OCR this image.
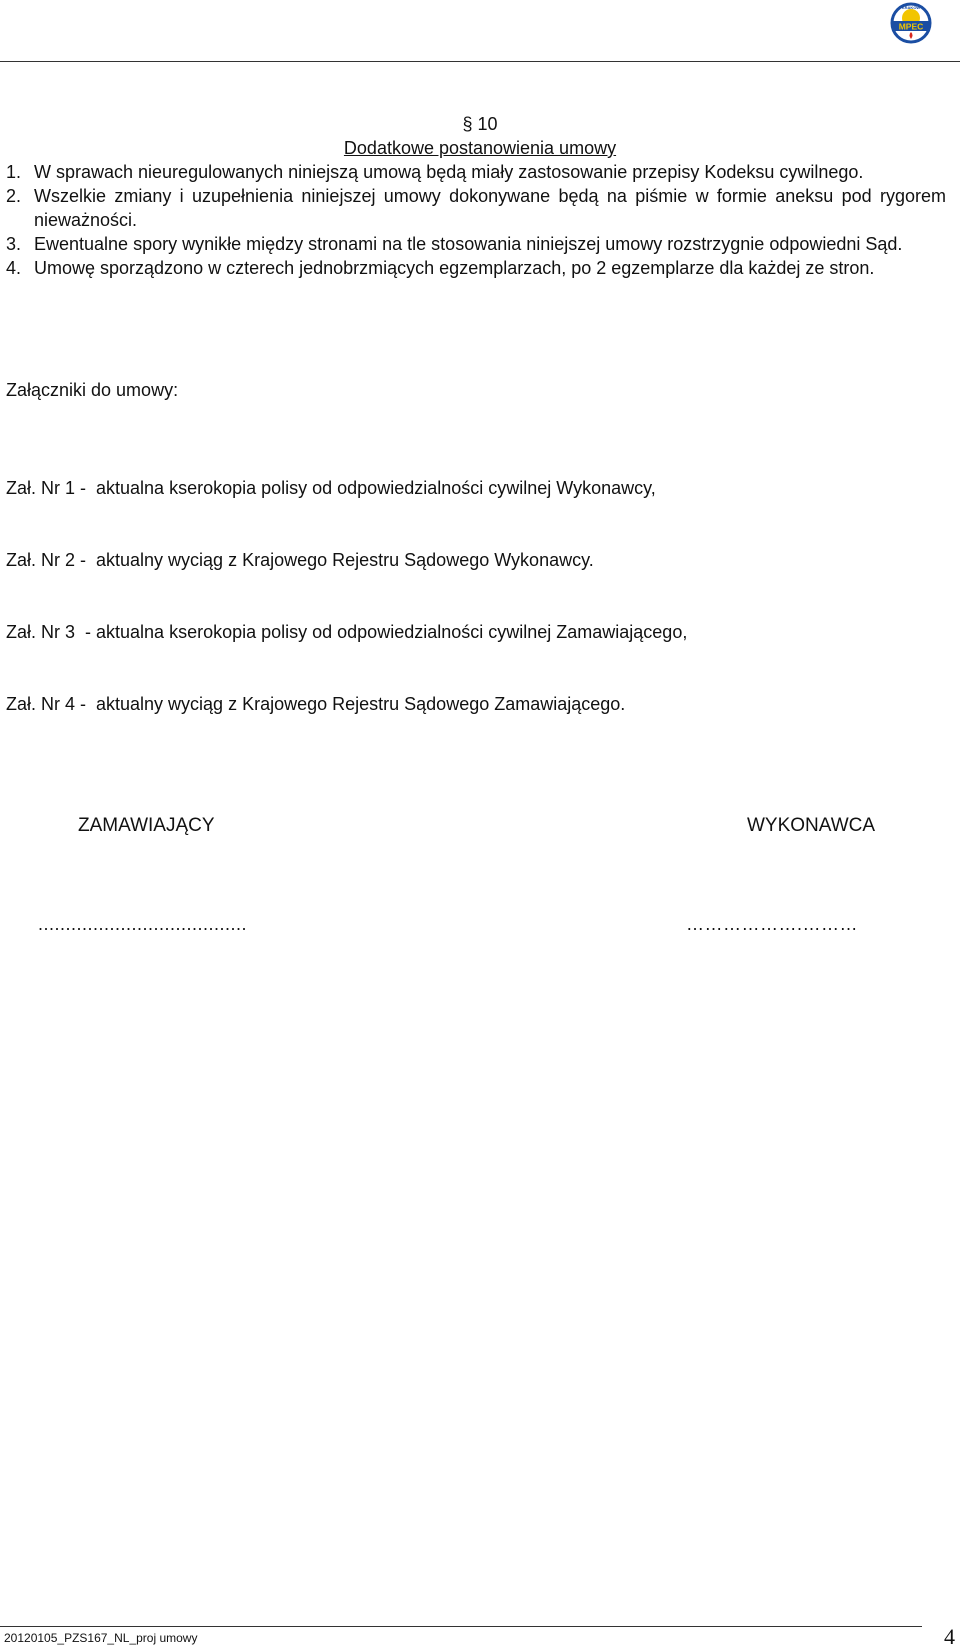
MPEC
KRAKÓW
§ 10
Dodatkowe postanowienia umowy
1. W sprawach nieuregulowanych niniejszą umową będą miały zastosowanie przepisy Kodeksu cywilnego.
2. Wszelkie zmiany i uzupełnienia niniejszej umowy dokonywane będą na piśmie w formie aneksu pod rygorem nieważności.
3. Ewentualne spory wynikłe między stronami na tle stosowania niniejszej umowy rozstrzygnie odpowiedni Sąd.
4. Umowę sporządzono w czterech jednobrzmiących egzemplarzach, po 2 egzemplarze dla każdej ze stron.
Załączniki do umowy:

Zał. Nr 1 -  aktualna kserokopia polisy od odpowiedzialności cywilnej Wykonawcy,

Zał. Nr 2 -  aktualny wyciąg z Krajowego Rejestru Sądowego Wykonawcy.

Zał. Nr 3  - aktualna kserokopia polisy od odpowiedzialności cywilnej Zamawiającego,

Zał. Nr 4 -  aktualny wyciąg z Krajowego Rejestru Sądowego Zamawiającego.

ZAMAWIAJĄCY	WYKONAWCA
......................................	……………….………
20120105_PZS167_NL_proj umowy	4
